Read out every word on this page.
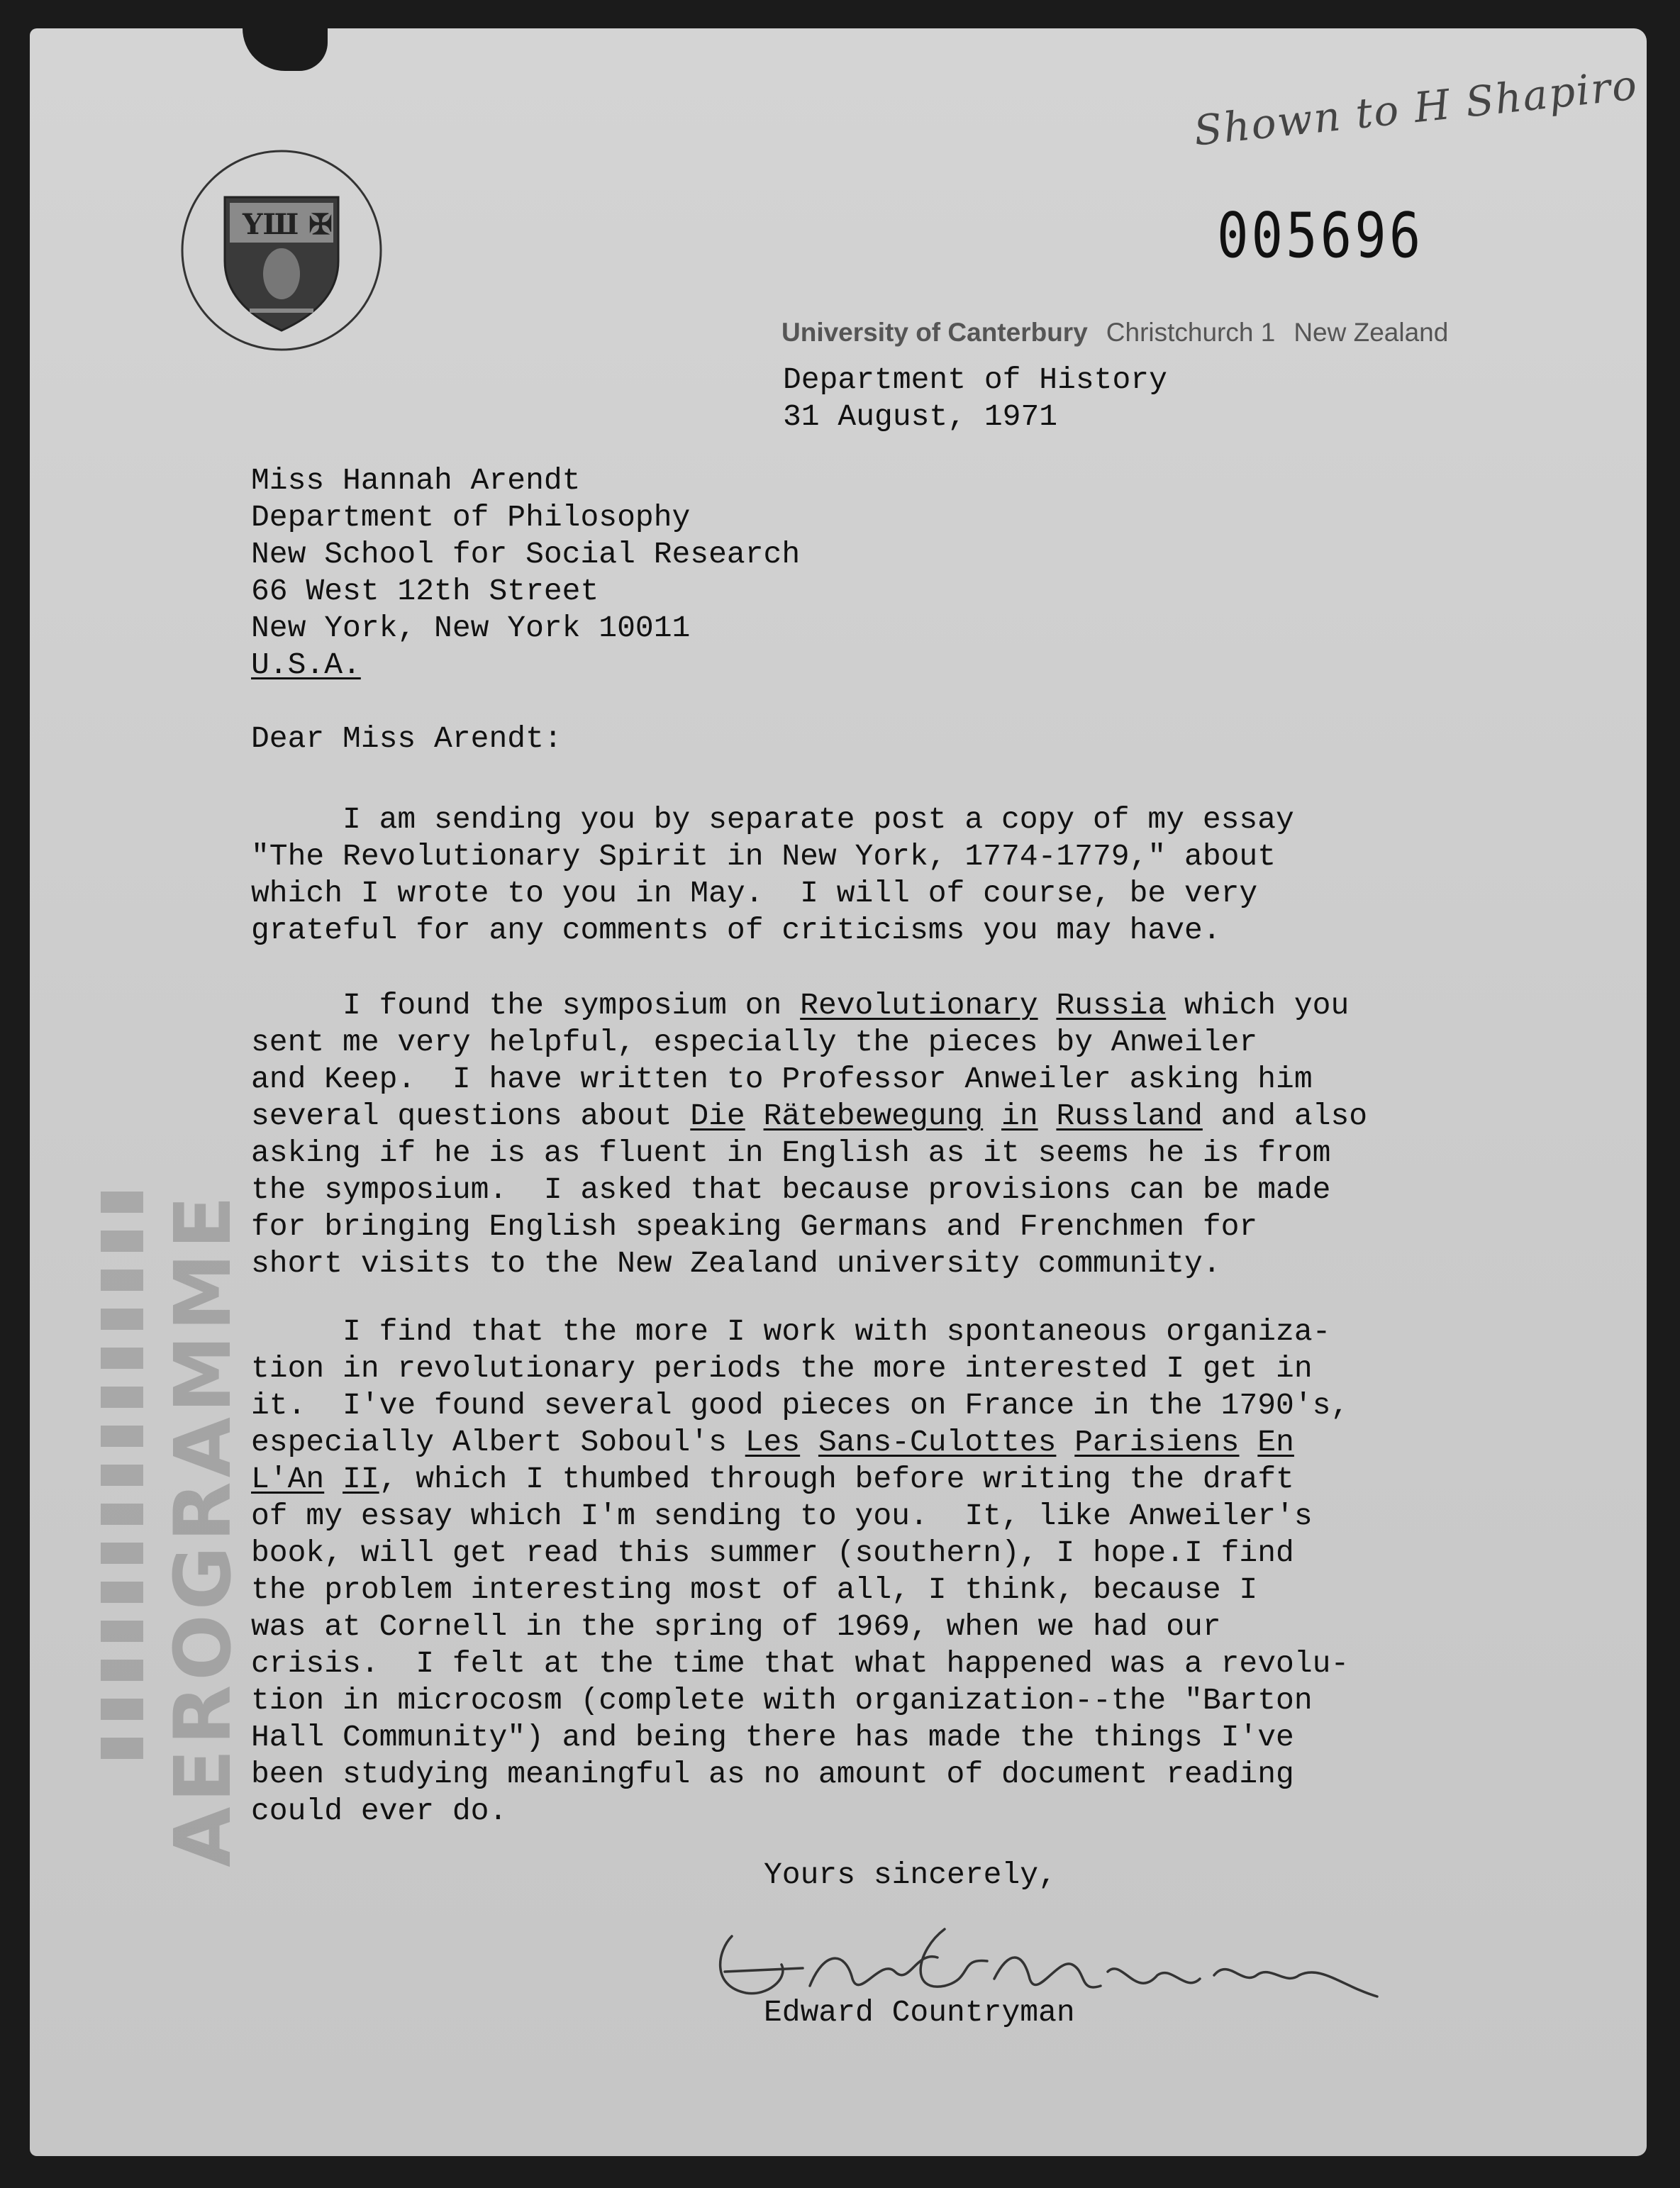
AEROGRAMME
Shown to H Shapiro
005696
YШ ✠
University of Canterbury Christchurch 1 New Zealand
Department of History
31 August, 1971
Miss Hannah Arendt
Department of Philosophy
New School for Social Research
66 West 12th Street
New York, New York 10011
U.S.A.
Dear Miss Arendt:
I am sending you by separate post a copy of my essay
"The Revolutionary Spirit in New York, 1774-1779," about
which I wrote to you in May.  I will of course, be very
grateful for any comments of criticisms you may have.
I found the symposium on Revolutionary Russia which you
sent me very helpful, especially the pieces by Anweiler
and Keep.  I have written to Professor Anweiler asking him
several questions about Die Rätebewegung in Russland and also
asking if he is as fluent in English as it seems he is from
the symposium.  I asked that because provisions can be made
for bringing English speaking Germans and Frenchmen for
short visits to the New Zealand university community.
I find that the more I work with spontaneous organiza-
tion in revolutionary periods the more interested I get in
it.  I've found several good pieces on France in the 1790's,
especially Albert Soboul's Les Sans-Culottes Parisiens En
L'An II, which I thumbed through before writing the draft
of my essay which I'm sending to you.  It, like Anweiler's
book, will get read this summer (southern), I hope.I find
the problem interesting most of all, I think, because I
was at Cornell in the spring of 1969, when we had our
crisis.  I felt at the time that what happened was a revolu-
tion in microcosm (complete with organization--the "Barton
Hall Community") and being there has made the things I've
been studying meaningful as no amount of document reading
could ever do.
Yours sincerely,
Edward Countryman
